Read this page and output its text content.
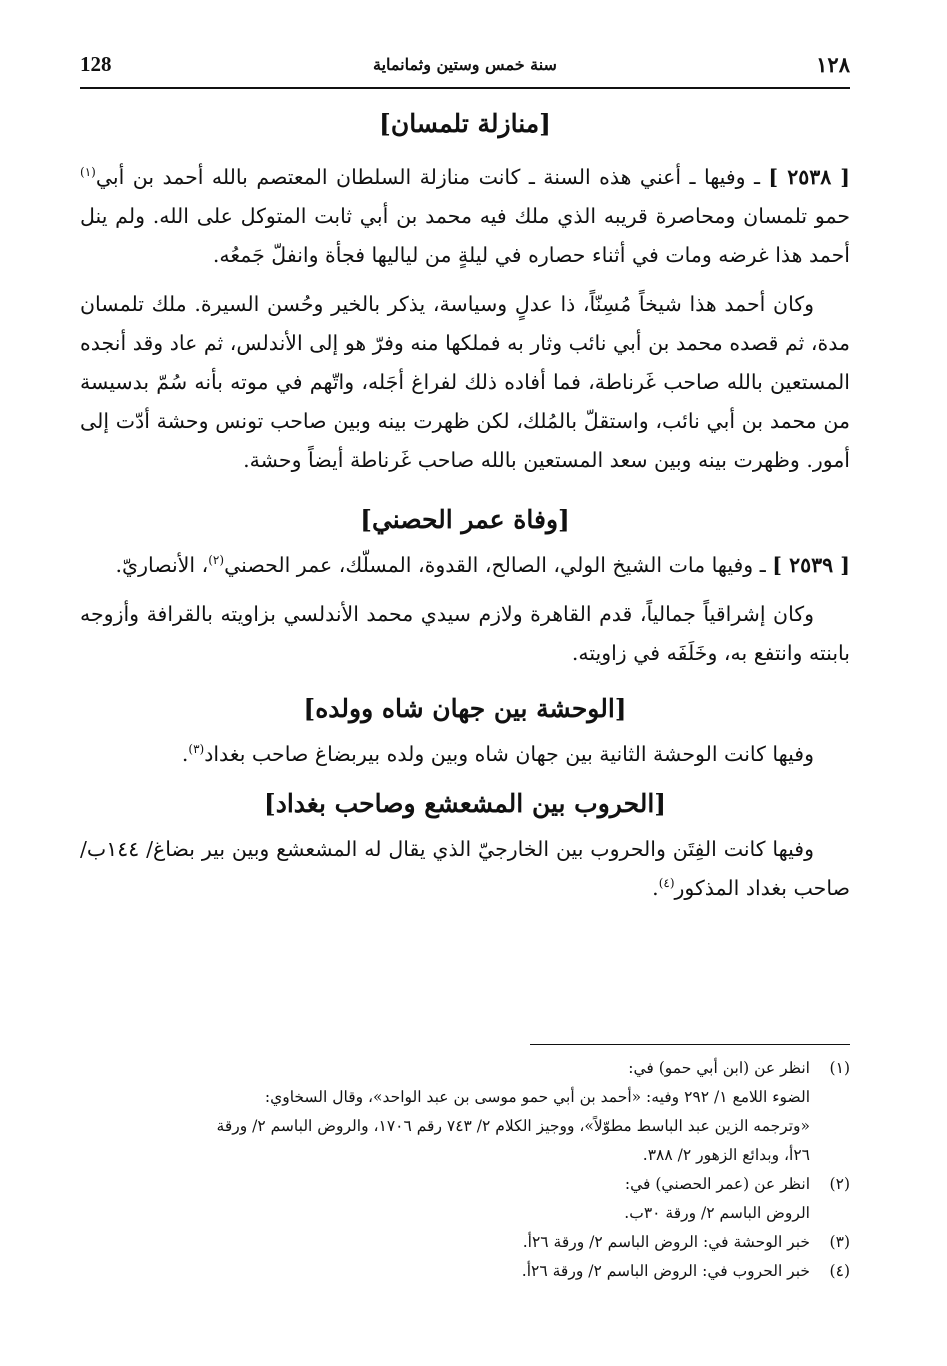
128	سنة خمس وستين وثمانماية	١٢٨
[منازلة تلمسان]

[ ٢٥٣٨ ] ـ وفيها ـ أعني هذه السنة ـ كانت منازلة السلطان المعتصم بالله أحمد بن أبي$^{(١)}$ حمو تلمسان ومحاصرة قريبه الذي ملك فيه محمد بن أبي ثابت المتوكل على الله. ولم ينل أحمد هذا غرضه ومات في أثناء حصاره في ليلةٍ من لياليها فجأة وانفلّ جَمعُه.

وكان أحمد هذا شيخاً مُسِنّاً، ذا عدلٍ وسياسة، يذكر بالخير وحُسن السيرة. ملك تلمسان مدة، ثم قصده محمد بن أبي نائب وثار به فملكها منه وفرّ هو إلى الأندلس، ثم عاد وقد أنجده المستعين بالله صاحب غَرناطة، فما أفاده ذلك لفراغ أجَله، واتّهم في موته بأنه سُمّ بدسيسة من محمد بن أبي نائب، واستقلّ بالمُلك، لكن ظهرت بينه وبين صاحب تونس وحشة أدّت إلى أمور. وظهرت بينه وبين سعد المستعين بالله صاحب غَرناطة أيضاً وحشة.

[وفاة عمر الحصني]

[ ٢٥٣٩ ] ـ وفيها مات الشيخ الولي، الصالح، القدوة، المسلّك، عمر الحصني$^{(٢)}$، الأنصاريّ.

وكان إشراقياً جمالياً، قدم القاهرة ولازم سيدي محمد الأندلسي بزاويته بالقرافة وأزوجه بابنته وانتفع به، وخَلَفَه في زاويته.

[الوحشة بين جهان شاه وولده]

وفيها كانت الوحشة الثانية بين جهان شاه وبين ولده بيربضاغ صاحب بغداد$^{(٣)}$.

[الحروب بين المشعشع وصاحب بغداد]

وفيها كانت الفِتَن والحروب بين الخارجيّ الذي يقال له المشعشع وبين بير بضاغ/ ١٤٤ب/ صاحب بغداد المذكور$^{(٤)}$.

(١)
انظر عن (ابن أبي حمو) في:
الضوء اللامع ١/ ٢٩٢ وفيه: «أحمد بن أبي حمو موسى بن عبد الواحد»، وقال السخاوي:
«وترجمه الزين عبد الباسط مطوّلاً»، ووجيز الكلام ٢/ ٧٤٣ رقم ١٧٠٦، والروض الباسم ٢/ ورقة
٢٦أ، وبدائع الزهور ٢/ ٣٨٨.
(٢)
انظر عن (عمر الحصني) في:
الروض الباسم ٢/ ورقة ٣٠ب.
(٣)
خبر الوحشة في: الروض الباسم ٢/ ورقة ٢٦أ.
(٤)
خبر الحروب في: الروض الباسم ٢/ ورقة ٢٦أ.
